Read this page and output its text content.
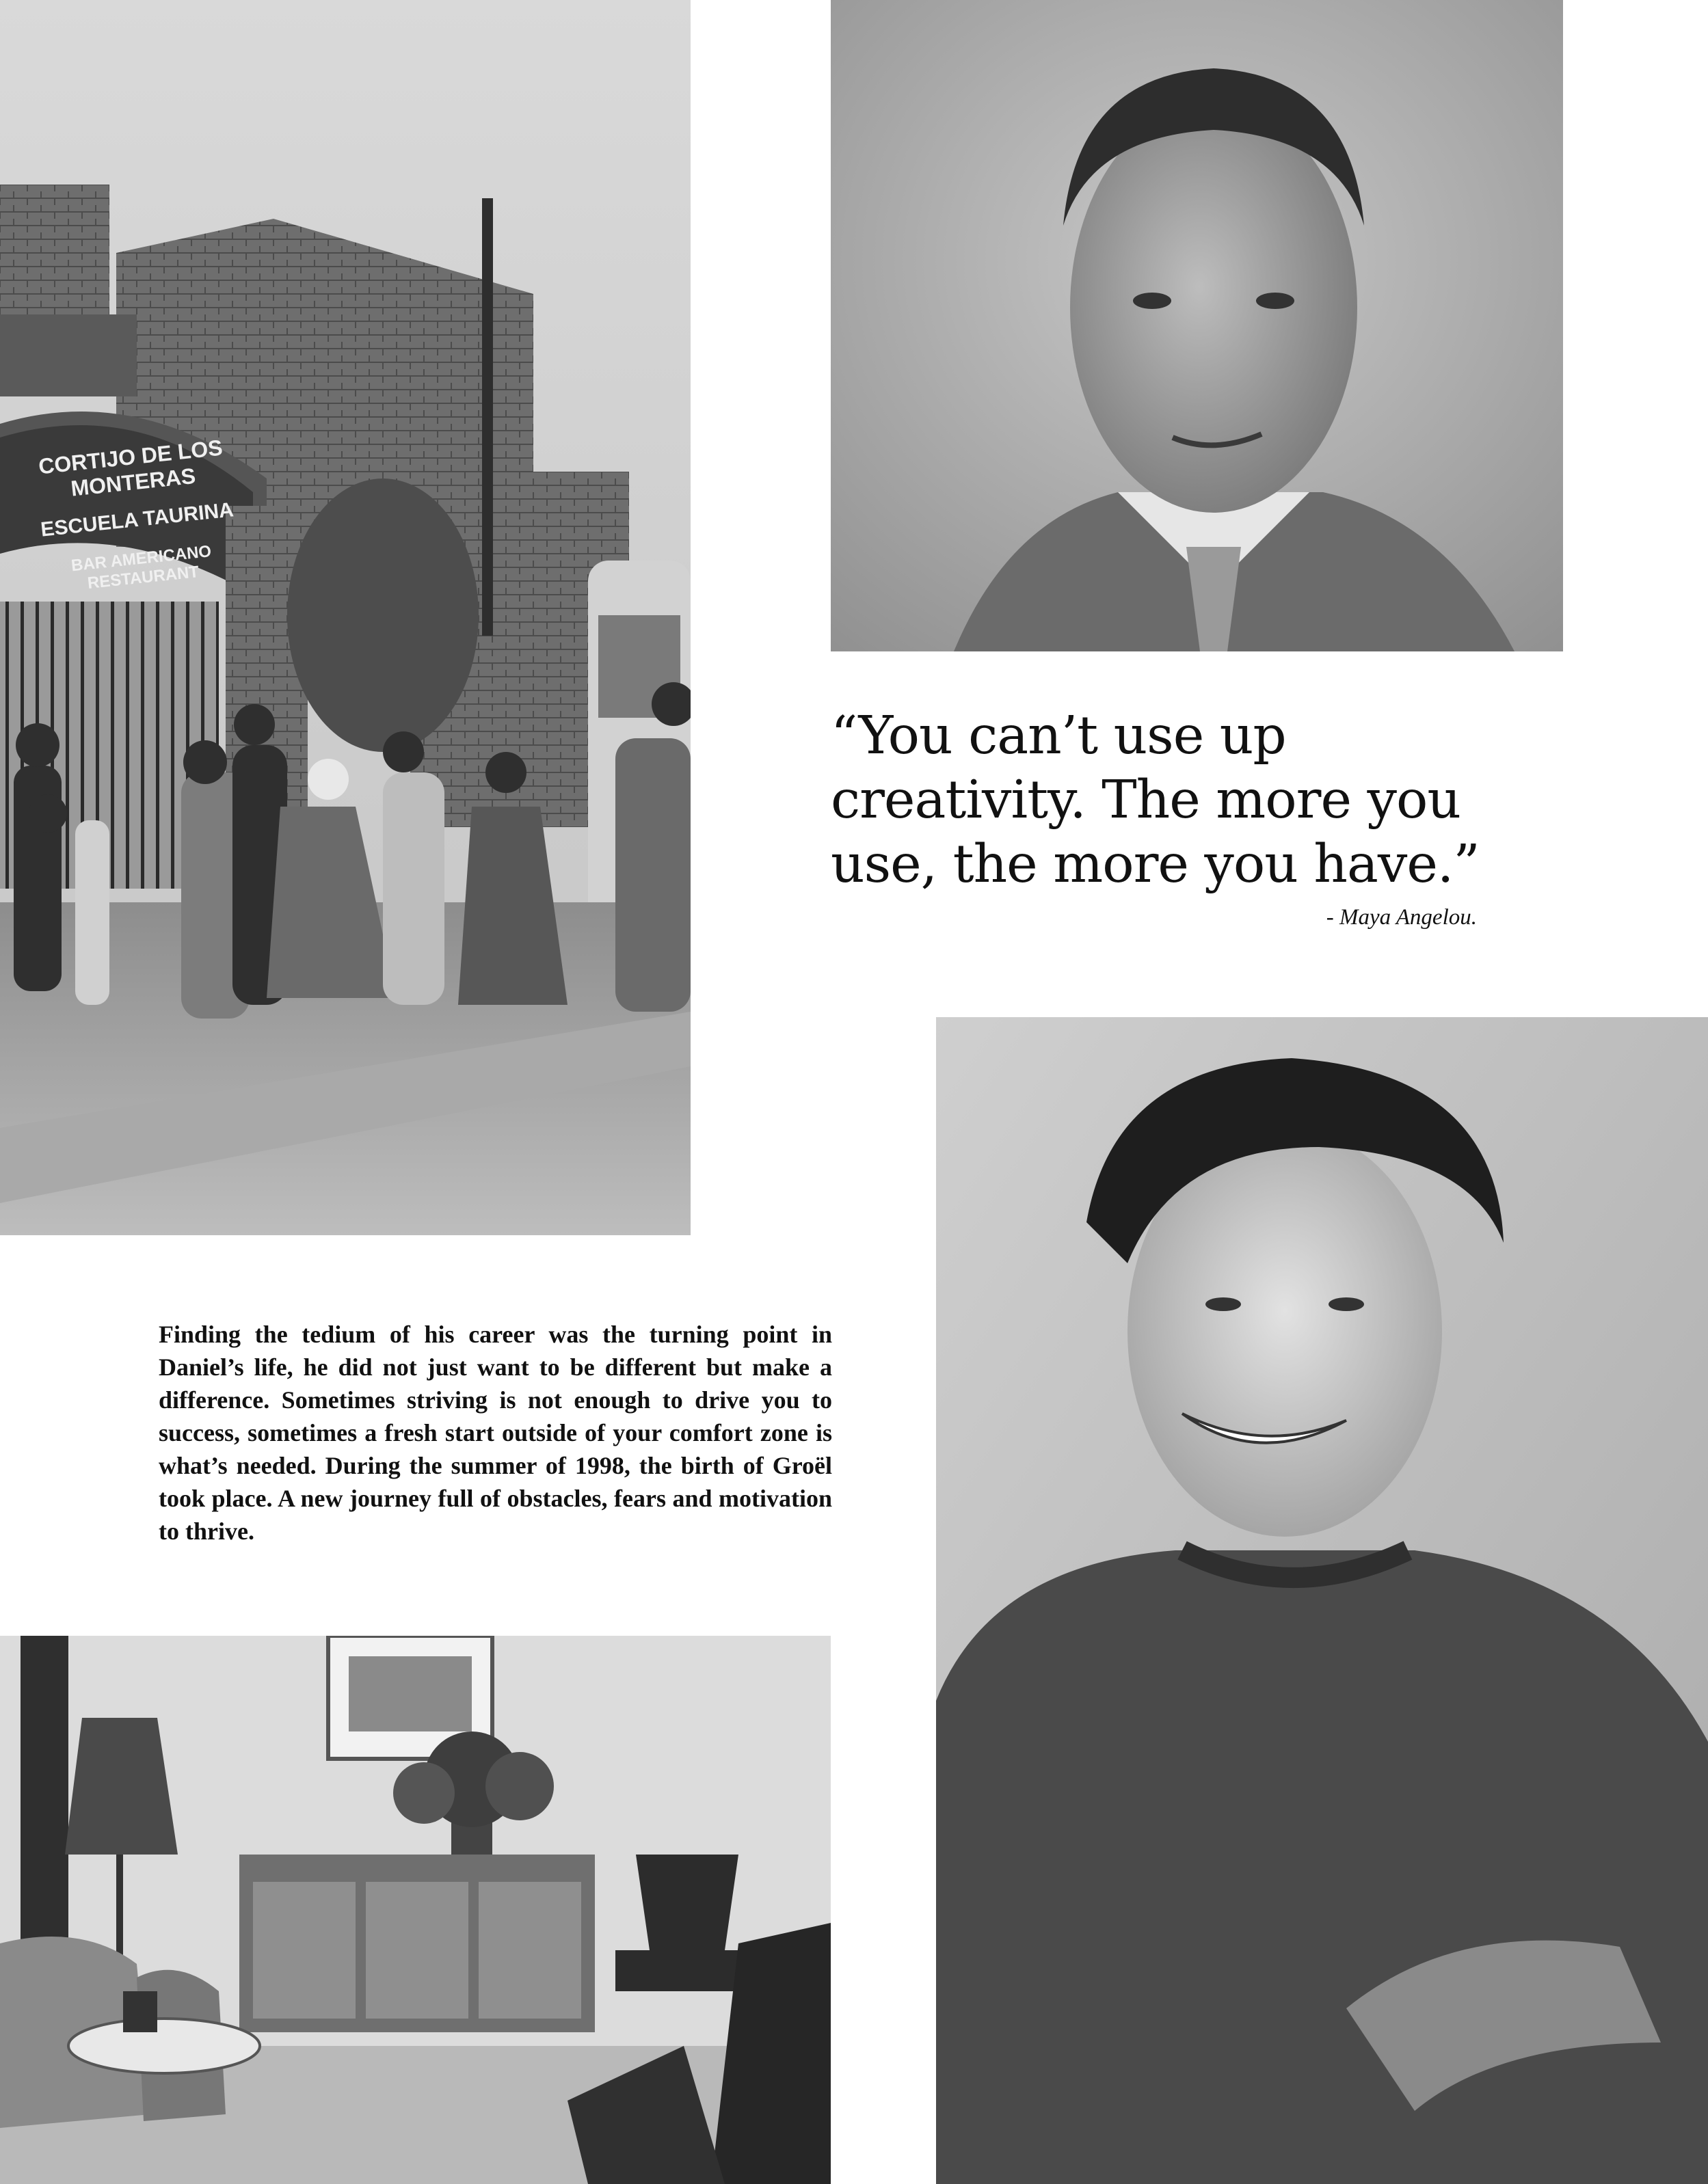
CORTIJO DE LOS MONTERAS
ESCUELA TAURINA
BAR AMERICANO RESTAURANT

“You can’t use up creativity. The more you use, the more you have.”

- Maya Angelou.

Finding the tedium of his career was the turning point in Daniel’s life, he did not just want to be different but make a difference. Sometimes striving is not enough to drive you to success, sometimes a fresh start outside of your comfort zone is what’s needed. During the summer of 1998, the birth of Groël took place. A new journey full of obstacles, fears and motivation to thrive.
